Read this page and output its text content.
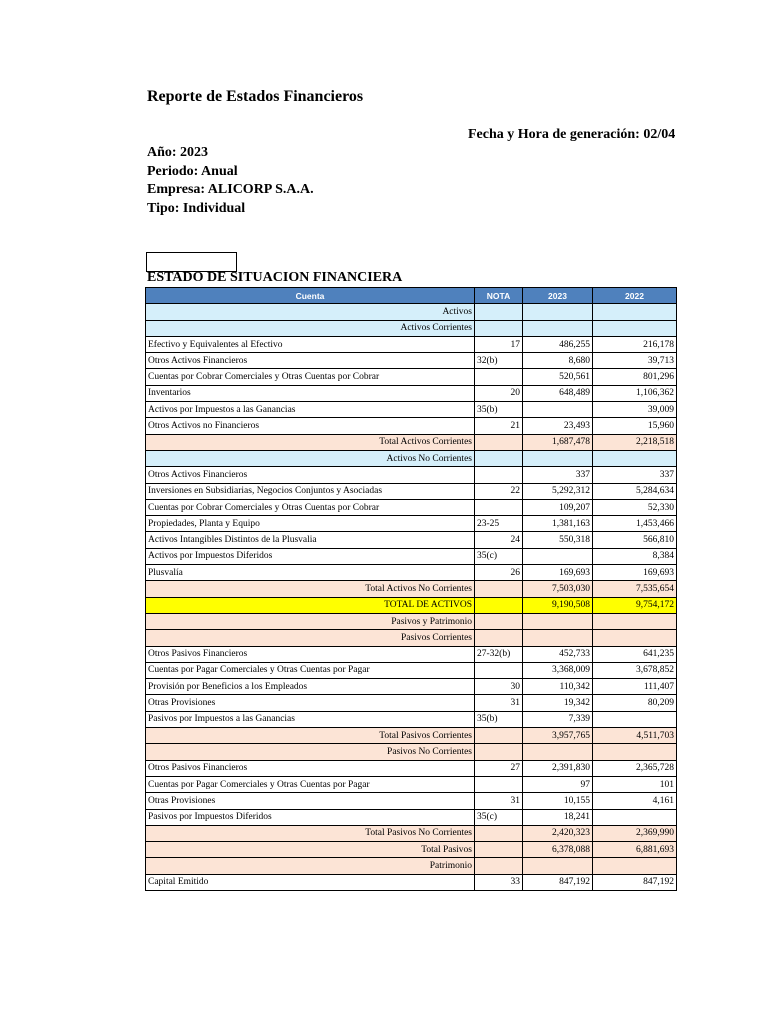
Reporte de Estados Financieros
Fecha y Hora de generación: 02/04
Año: 2023
Periodo: Anual
Empresa: ALICORP S.A.A.
Tipo: Individual
ESTADO DE SITUACION FINANCIERA
Cuenta	NOTA	2023	2022
Activos			
Activos Corrientes			
Efectivo y Equivalentes al Efectivo	17	486,255	216,178
Otros Activos Financieros	32(b)	8,680	39,713
Cuentas por Cobrar Comerciales y Otras Cuentas por Cobrar		520,561	801,296
Inventarios	20	648,489	1,106,362
Activos por Impuestos a las Ganancias	35(b)		39,009
Otros Activos no Financieros	21	23,493	15,960
Total Activos Corrientes		1,687,478	2,218,518
Activos No Corrientes			
Otros Activos Financieros		337	337
Inversiones en Subsidiarias, Negocios Conjuntos y Asociadas	22	5,292,312	5,284,634
Cuentas por Cobrar Comerciales y Otras Cuentas por Cobrar		109,207	52,330
Propiedades, Planta y Equipo	23-25	1,381,163	1,453,466
Activos Intangibles Distintos de la Plusvalia	24	550,318	566,810
Activos por Impuestos Diferidos	35(c)		8,384
Plusvalía	26	169,693	169,693
Total Activos No Corrientes		7,503,030	7,535,654
TOTAL DE ACTIVOS		9,190,508	9,754,172
Pasivos y Patrimonio			
Pasivos Corrientes			
Otros Pasivos Financieros	27-32(b)	452,733	641,235
Cuentas por Pagar Comerciales y Otras Cuentas por Pagar		3,368,009	3,678,852
Provisión por Beneficios a los Empleados	30	110,342	111,407
Otras Provisiones	31	19,342	80,209
Pasivos por Impuestos a las Ganancias	35(b)	7,339	
Total Pasivos Corrientes		3,957,765	4,511,703
Pasivos No Corrientes			
Otros Pasivos Financieros	27	2,391,830	2,365,728
Cuentas por Pagar Comerciales y Otras Cuentas por Pagar		97	101
Otras Provisiones	31	10,155	4,161
Pasivos por Impuestos Diferidos	35(c)	18,241	
Total Pasivos No Corrientes		2,420,323	2,369,990
Total Pasivos		6,378,088	6,881,693
Patrimonio			
Capital Emitido	33	847,192	847,192
